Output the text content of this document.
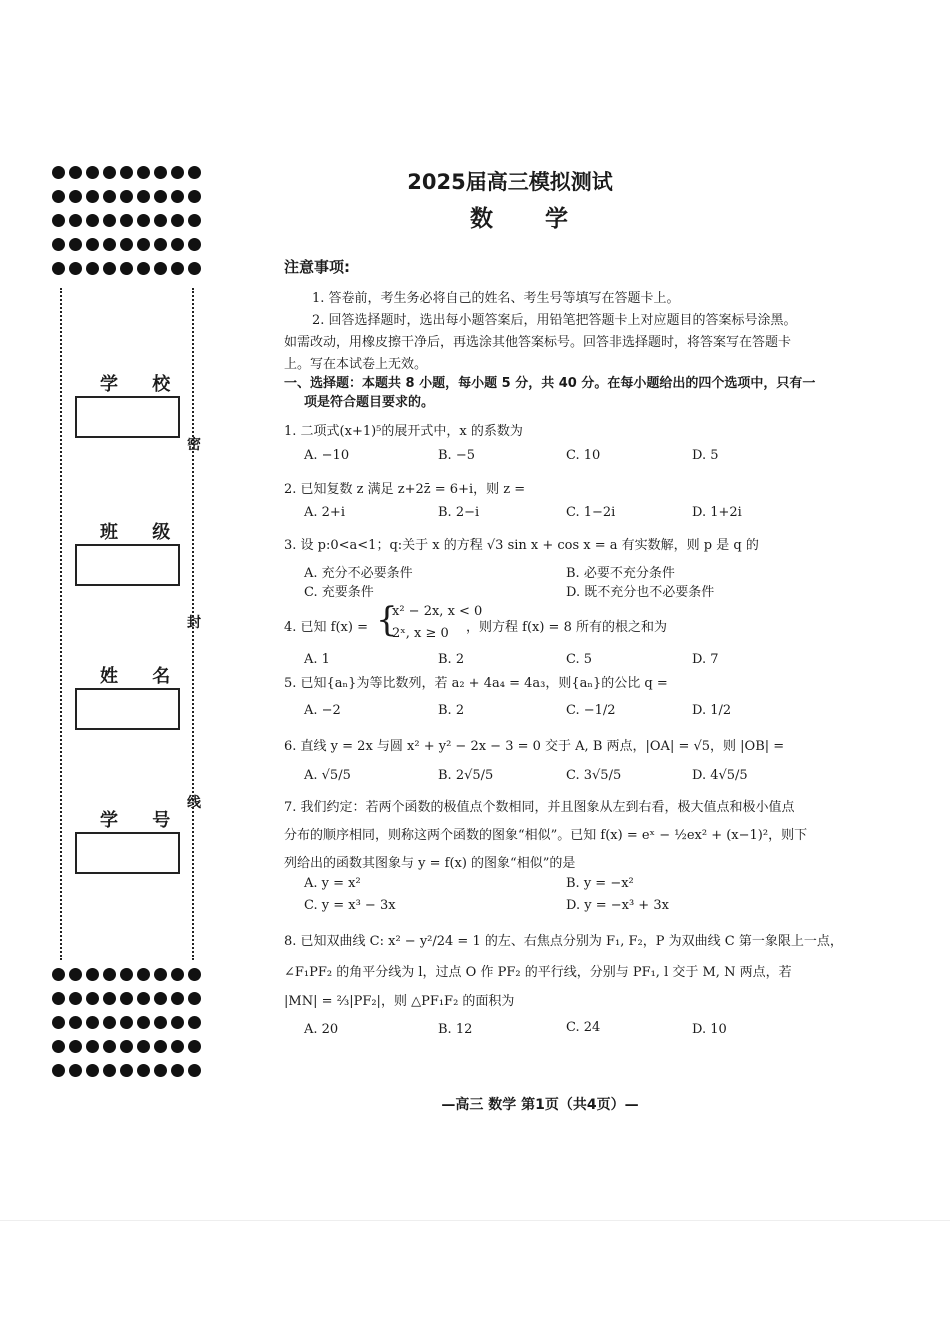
学 校
班 级
姓 名
学 号
密
封
线
2025届高三模拟测试
数 学
注意事项:
1. 答卷前，考生务必将自己的姓名、考生号等填写在答题卡上。
2. 回答选择题时，选出每小题答案后，用铅笔把答题卡上对应题目的答案标号涂黑。
如需改动，用橡皮擦干净后，再选涂其他答案标号。回答非选择题时，将答案写在答题卡
上。写在本试卷上无效。
一、选择题：本题共 8 小题，每小题 5 分，共 40 分。在每小题给出的四个选项中，只有一
项是符合题目要求的。
1. 二项式(x+1)⁵的展开式中，x 的系数为
A. −10	B. −5	C. 10	D. 5
2. 已知复数 z 满足 z+2z̄ = 6+i，则 z =
A. 2+i	B. 2−i	C. 1−2i	D. 1+2i
3. 设 p:0<a<1；q:关于 x 的方程 √3 sin x + cos x = a 有实数解，则 p 是 q 的
A. 充分不必要条件	B. 必要不充分条件
C. 充要条件	D. 既不充分也不必要条件
4. 已知 f(x) = {
x² − 2x, x < 0
2ˣ, x ≥ 0 ，则方程 f(x) = 8 所有的根之和为
A. 1	B. 2	C. 5	D. 7
5. 已知{aₙ}为等比数列，若 a₂ + 4a₄ = 4a₃，则{aₙ}的公比 q =
A. −2	B. 2	C. −1/2	D. 1/2
6. 直线 y = 2x 与圆 x² + y² − 2x − 3 = 0 交于 A, B 两点，|OA| = √5，则 |OB| =
A. √5/5	B. 2√5/5	C. 3√5/5	D. 4√5/5
7. 我们约定：若两个函数的极值点个数相同，并且图象从左到右看，极大值点和极小值点
分布的顺序相同，则称这两个函数的图象“相似”。已知 f(x) = eˣ − ½ex² + (x−1)²，则下
列给出的函数其图象与 y = f(x) 的图象“相似”的是
A. y = x²	B. y = −x²
C. y = x³ − 3x	D. y = −x³ + 3x
8. 已知双曲线 C: x² − y²/24 = 1 的左、右焦点分别为 F₁, F₂，P 为双曲线 C 第一象限上一点，
∠F₁PF₂ 的角平分线为 l，过点 O 作 PF₂ 的平行线，分别与 PF₁, l 交于 M, N 两点，若
|MN| = ⅔|PF₂|，则 △PF₁F₂ 的面积为
A. 20	B. 12	C. 24	D. 10
—高三 数学 第1页（共4页）—
